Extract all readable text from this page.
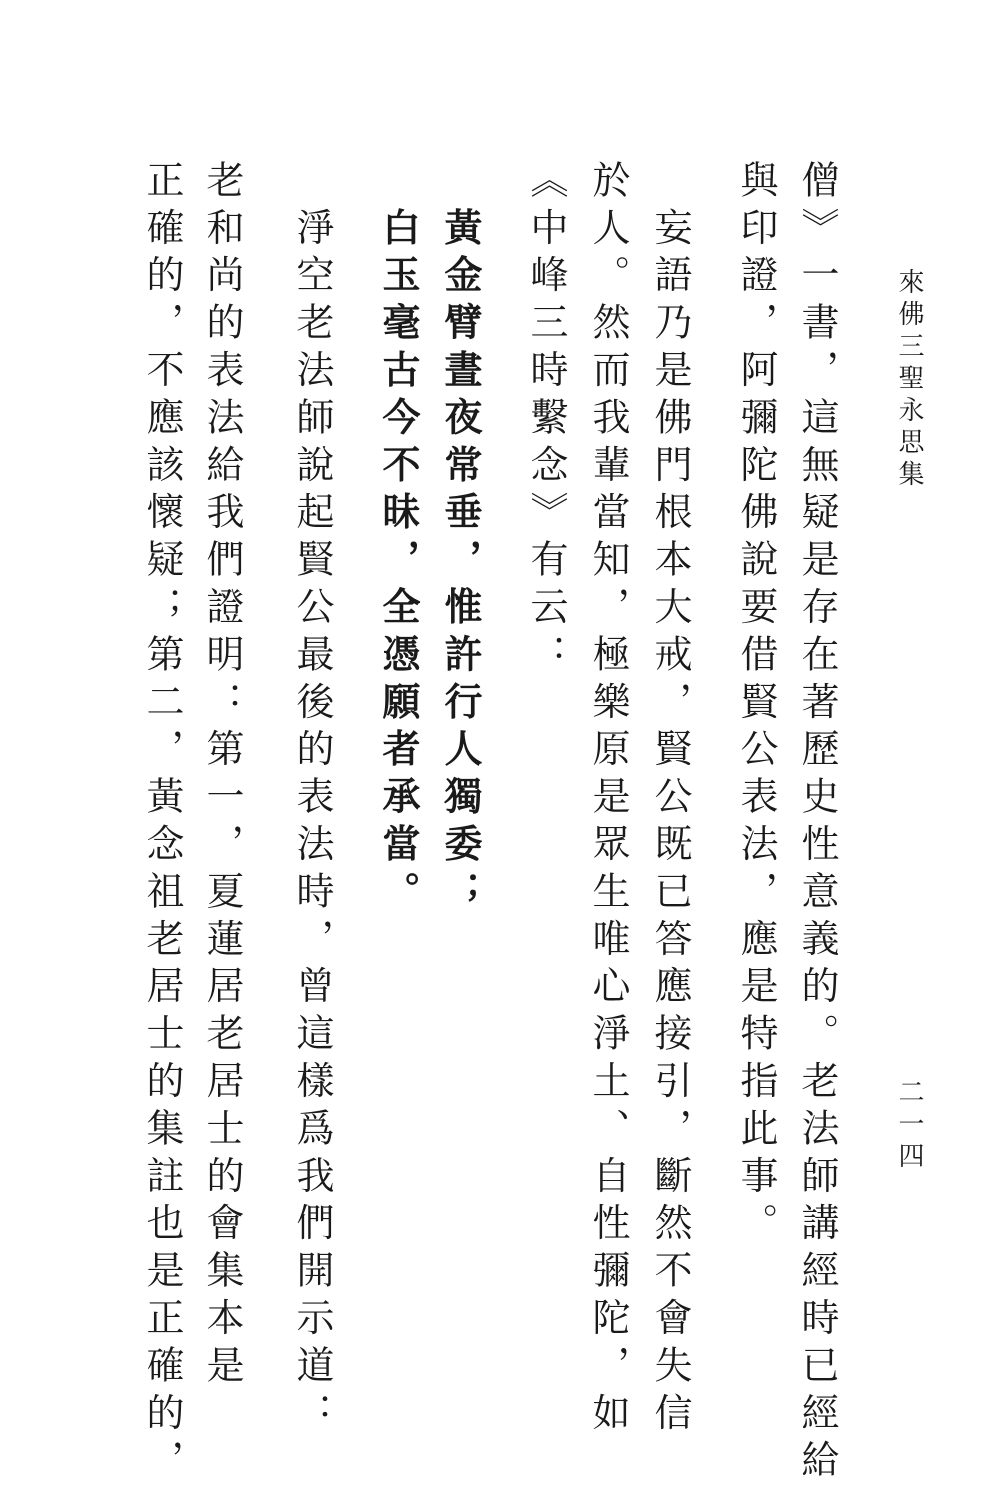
來佛三聖永思集
二一四
僧》一書，這無疑是存在著歷史性意義的。老法師講經時已經給
與印證，阿彌陀佛說要借賢公表法，應是特指此事。
　妄語乃是佛門根本大戒，賢公既已答應接引，斷然不會失信
於人。然而我輩當知，極樂原是眾生唯心淨土、自性彌陀，如
《中峰三時繫念》有云：
　黃金臂晝夜常垂，惟許行人獨委；
　白玉毫古今不昧，全憑願者承當。
　淨空老法師說起賢公最後的表法時，曾這樣爲我們開示道：
老和尚的表法給我們證明：第一，夏蓮居老居士的會集本是
正確的，不應該懷疑；第二，黃念祖老居士的集註也是正確的，
